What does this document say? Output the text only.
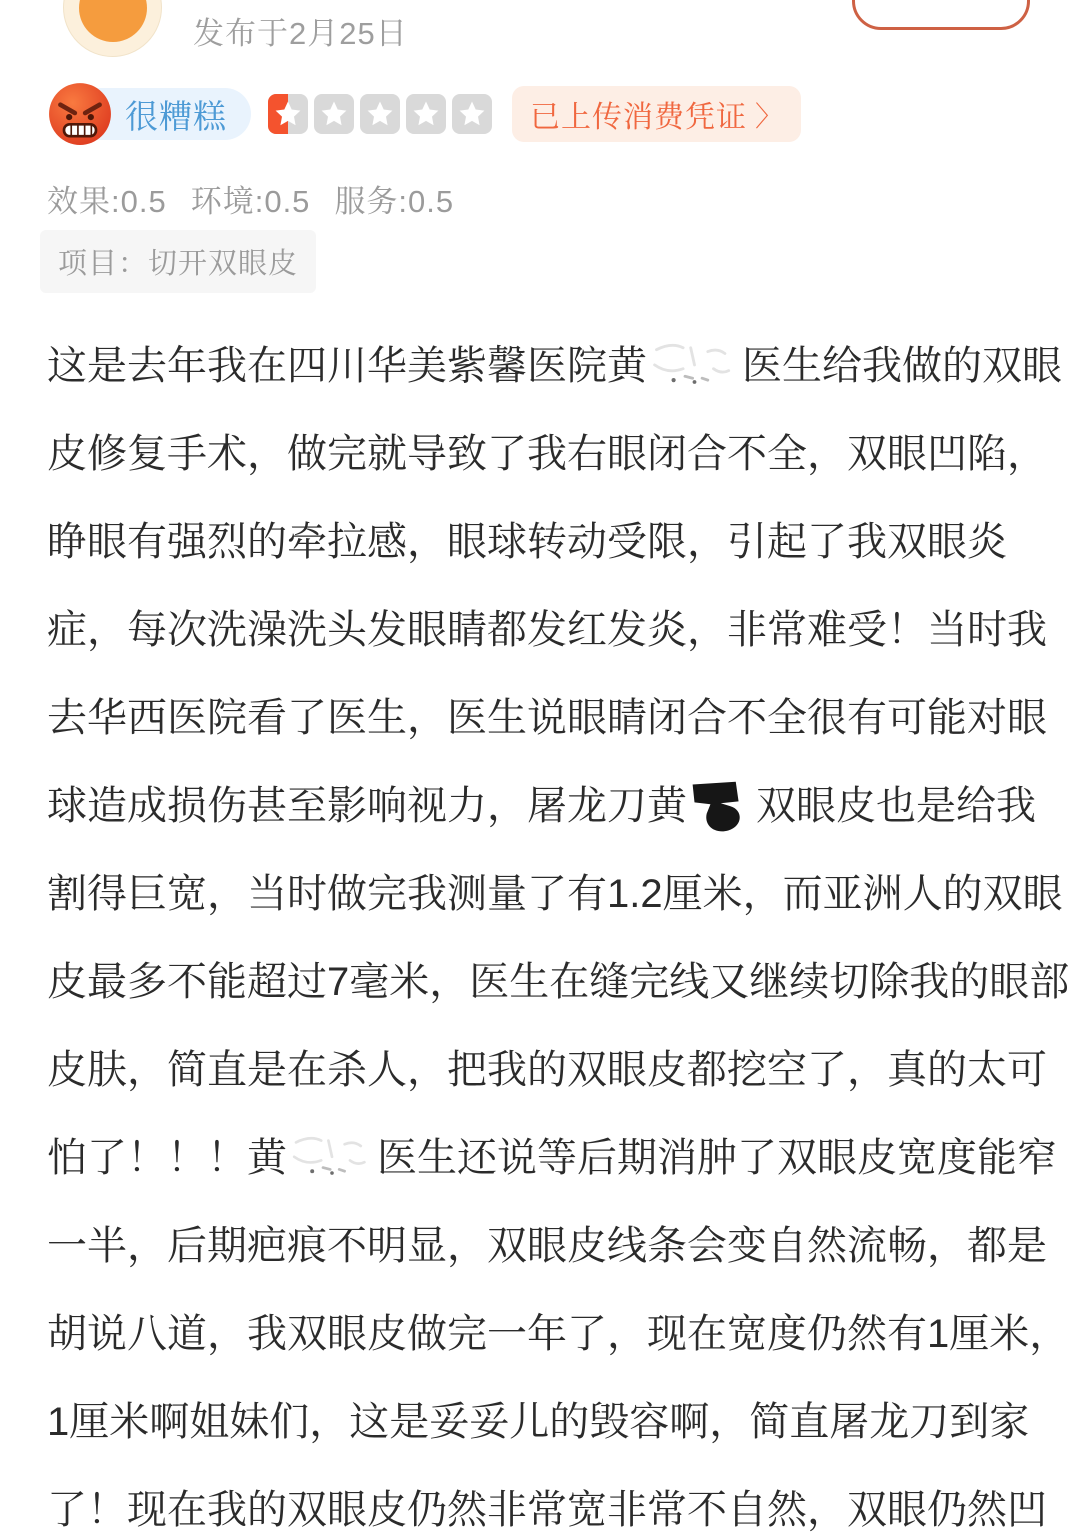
发布于2月25日
很糟糕	已上传消费凭证 〉
效果:0.5 环境:0.5 服务:0.5
项目：切开双眼皮
这是去年我在四川华美紫馨医院黄 医生给我做的双眼
皮修复手术，做完就导致了我右眼闭合不全，双眼凹陷，
睁眼有强烈的牵拉感，眼球转动受限，引起了我双眼炎
症，每次洗澡洗头发眼睛都发红发炎，非常难受！当时我
去华西医院看了医生，医生说眼睛闭合不全很有可能对眼
球造成损伤甚至影响视力，屠龙刀黄 双眼皮也是给我
割得巨宽，当时做完我测量了有1.2厘米，而亚洲人的双眼
皮最多不能超过7毫米，医生在缝完线又继续切除我的眼部
皮肤，简直是在杀人，把我的双眼皮都挖空了，真的太可
怕了！！！黄 医生还说等后期消肿了双眼皮宽度能窄
一半，后期疤痕不明显，双眼皮线条会变自然流畅，都是
胡说八道，我双眼皮做完一年了，现在宽度仍然有1厘米，
1厘米啊姐妹们，这是妥妥儿的毁容啊，简直屠龙刀到家
了！现在我的双眼皮仍然非常宽非常不自然，双眼仍然凹
